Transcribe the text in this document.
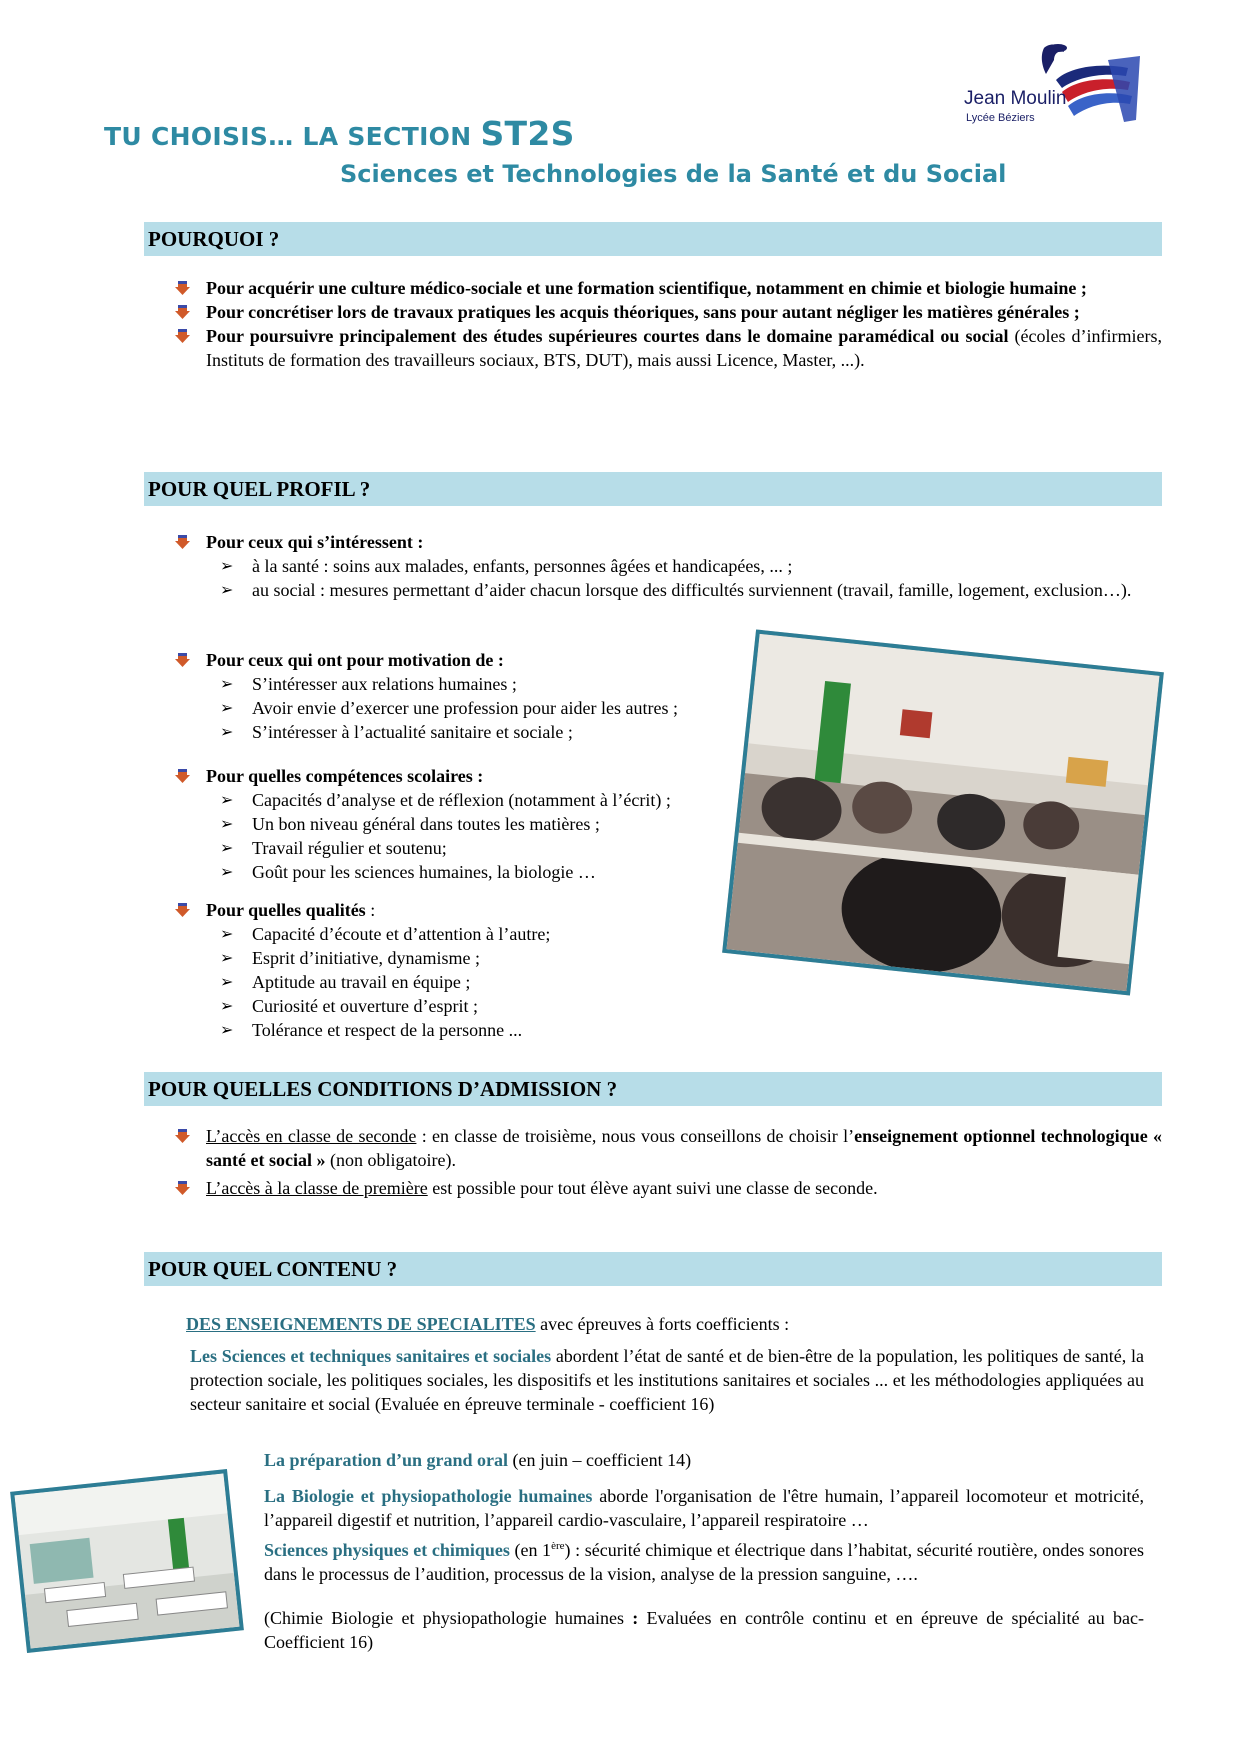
TU CHOISIS… LA SECTION ST2S
Sciences et Technologies de la Santé et du Social
Jean Moulin
Lycée Béziers
POURQUOI ?
Pour acquérir une culture médico-sociale et une formation scientifique, notamment en chimie et biologie humaine ;
Pour concrétiser lors de travaux pratiques les acquis théoriques, sans pour autant négliger les matières générales ;
Pour poursuivre principalement des études supérieures courtes dans le domaine paramédical ou social (écoles d’infirmiers, Instituts de formation des travailleurs sociaux, BTS, DUT), mais aussi Licence, Master, ...).
POUR QUEL PROFIL ?
Pour ceux qui s’intéressent :
➢ à la santé : soins aux malades, enfants, personnes âgées et handicapées, ... ;
➢ au social : mesures permettant d’aider chacun lorsque des difficultés surviennent (travail, famille, logement, exclusion…).
Pour ceux qui ont pour motivation de :
➢ S’intéresser aux relations humaines ;
➢ Avoir envie d’exercer une profession pour aider les autres ;
➢ S’intéresser à l’actualité sanitaire et sociale ;
Pour quelles compétences scolaires :
➢ Capacités d’analyse et de réflexion (notamment à l’écrit) ;
➢ Un bon niveau général dans toutes les matières ;
➢ Travail régulier et soutenu;
➢ Goût pour les sciences humaines, la biologie …
Pour quelles qualités :
➢ Capacité d’écoute et d’attention à l’autre;
➢ Esprit d’initiative, dynamisme ;
➢ Aptitude au travail en équipe ;
➢ Curiosité et ouverture d’esprit ;
➢ Tolérance et respect de la personne ...
POUR QUELLES CONDITIONS D’ADMISSION ?
L’accès en classe de seconde : en classe de troisième, nous vous conseillons de choisir l’enseignement optionnel technologique « santé et social » (non obligatoire).
L’accès à la classe de première est possible pour tout élève ayant suivi une classe de seconde.
POUR QUEL CONTENU ?
DES ENSEIGNEMENTS DE SPECIALITES avec épreuves à forts coefficients :
Les Sciences et techniques sanitaires et sociales abordent l’état de santé et de bien-être de la population, les politiques de santé, la protection sociale, les politiques sociales, les dispositifs et les institutions sanitaires et sociales ... et les méthodologies appliquées au secteur sanitaire et social (Evaluée en épreuve terminale - coefficient 16)
La préparation d’un grand oral (en juin – coefficient 14)
La Biologie et physiopathologie humaines aborde l'organisation de l'être humain, l’appareil locomoteur et motricité, l’appareil digestif et nutrition, l’appareil cardio-vasculaire, l’appareil respiratoire …
Sciences physiques et chimiques (en 1ère) : sécurité chimique et électrique dans l’habitat, sécurité routière, ondes sonores dans le processus de l’audition, processus de la vision, analyse de la pression sanguine, ….
(Chimie Biologie et physiopathologie humaines : Evaluées en contrôle continu et en épreuve de spécialité au bac- Coefficient 16)
